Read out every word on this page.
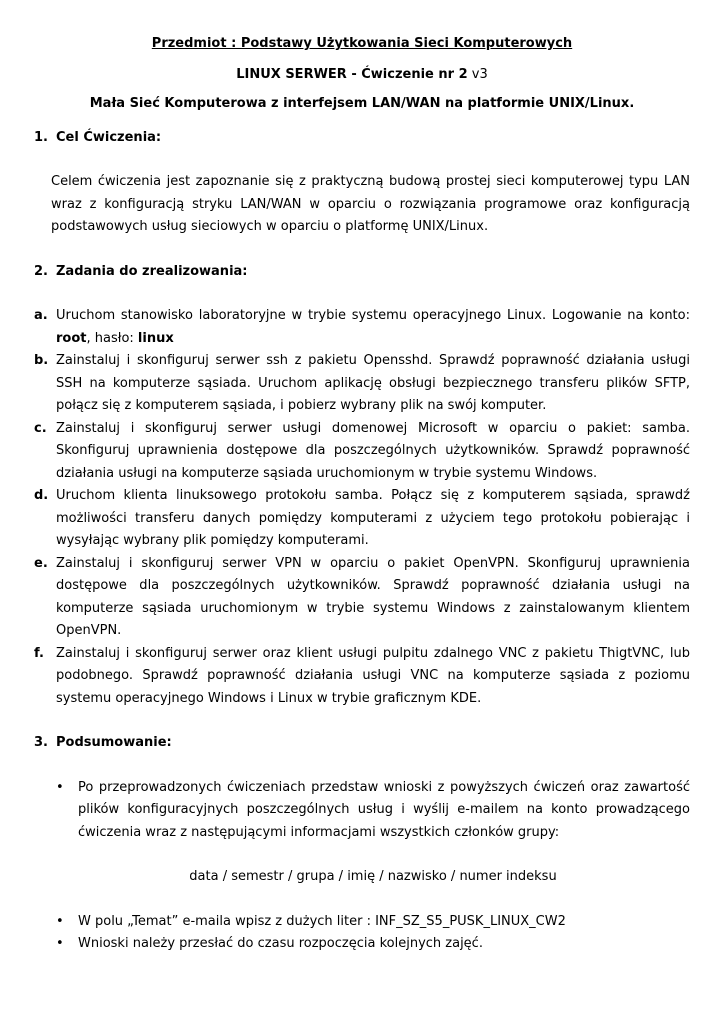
Przedmiot : Podstawy Użytkowania Sieci Komputerowych
LINUX SERWER - Ćwiczenie nr 2 v3
Mała Sieć Komputerowa z interfejsem LAN/WAN na platformie UNIX/Linux.
1. Cel Ćwiczenia:
Celem ćwiczenia jest zapoznanie się z praktyczną budową prostej sieci komputerowej typu LAN wraz z konfiguracją stryku LAN/WAN w oparciu o rozwiązania programowe oraz konfiguracją podstawowych usług sieciowych w oparciu o platformę UNIX/Linux.
2. Zadania do zrealizowania:
a. Uruchom stanowisko laboratoryjne w trybie systemu operacyjnego Linux. Logowanie na konto: root, hasło: linux
b. Zainstaluj i skonfiguruj serwer ssh z pakietu Opensshd. Sprawdź poprawność działania usługi SSH na komputerze sąsiada. Uruchom aplikację obsługi bezpiecznego transferu plików SFTP, połącz się z komputerem sąsiada, i pobierz wybrany plik na swój komputer.
c. Zainstaluj i skonfiguruj serwer usługi domenowej Microsoft w oparciu o pakiet: samba. Skonfiguruj uprawnienia dostępowe dla poszczególnych użytkowników. Sprawdź poprawność działania usługi na komputerze sąsiada uruchomionym w trybie systemu Windows.
d. Uruchom klienta linuksowego protokołu samba. Połącz się z komputerem sąsiada, sprawdź możliwości transferu danych pomiędzy komputerami z użyciem tego protokołu pobierając i wysyłając wybrany plik pomiędzy komputerami.
e. Zainstaluj i skonfiguruj serwer VPN w oparciu o pakiet OpenVPN. Skonfiguruj uprawnienia dostępowe dla poszczególnych użytkowników. Sprawdź poprawność działania usługi na komputerze sąsiada uruchomionym w trybie systemu Windows z zainstalowanym klientem OpenVPN.
f. Zainstaluj i skonfiguruj serwer oraz klient usługi pulpitu zdalnego VNC z pakietu ThigtVNC, lub podobnego. Sprawdź poprawność działania usługi VNC na komputerze sąsiada z poziomu systemu operacyjnego Windows i Linux w trybie graficznym KDE.
3. Podsumowanie:
• Po przeprowadzonych ćwiczeniach przedstaw wnioski z powyższych ćwiczeń oraz zawartość plików konfiguracyjnych poszczególnych usług i wyślij e-mailem na konto prowadzącego ćwiczenia wraz z następującymi informacjami wszystkich członków grupy:
data / semestr / grupa / imię / nazwisko / numer indeksu
• W polu „Temat” e-maila wpisz z dużych liter : INF_SZ_S5_PUSK_LINUX_CW2
• Wnioski należy przesłać do czasu rozpoczęcia kolejnych zajęć.
